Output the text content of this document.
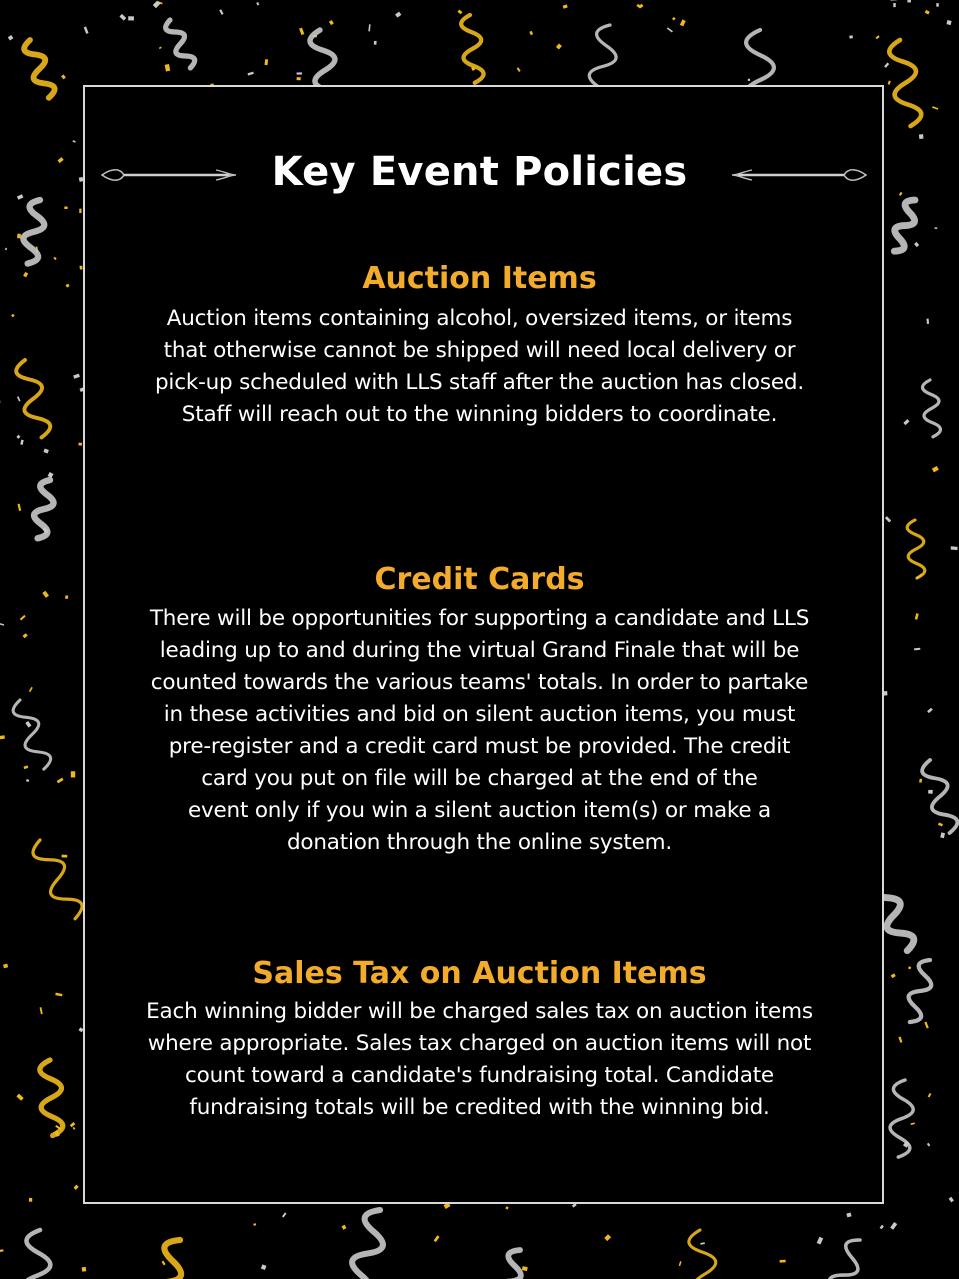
Key Event Policies
Auction Items
Auction items containing alcohol, oversized items, or items
that otherwise cannot be shipped will need local delivery or
pick-up scheduled with LLS staff after the auction has closed.
Staff will reach out to the winning bidders to coordinate.
Credit Cards
There will be opportunities for supporting a candidate and LLS
leading up to and during the virtual Grand Finale that will be
counted towards the various teams' totals. In order to partake
in these activities and bid on silent auction items, you must
pre-register and a credit card must be provided. The credit
card you put on file will be charged at the end of the
event only if you win a silent auction item(s) or make a
donation through the online system.
Sales Tax on Auction Items
Each winning bidder will be charged sales tax on auction items
where appropriate. Sales tax charged on auction items will not
count toward a candidate's fundraising total. Candidate
fundraising totals will be credited with the winning bid.
